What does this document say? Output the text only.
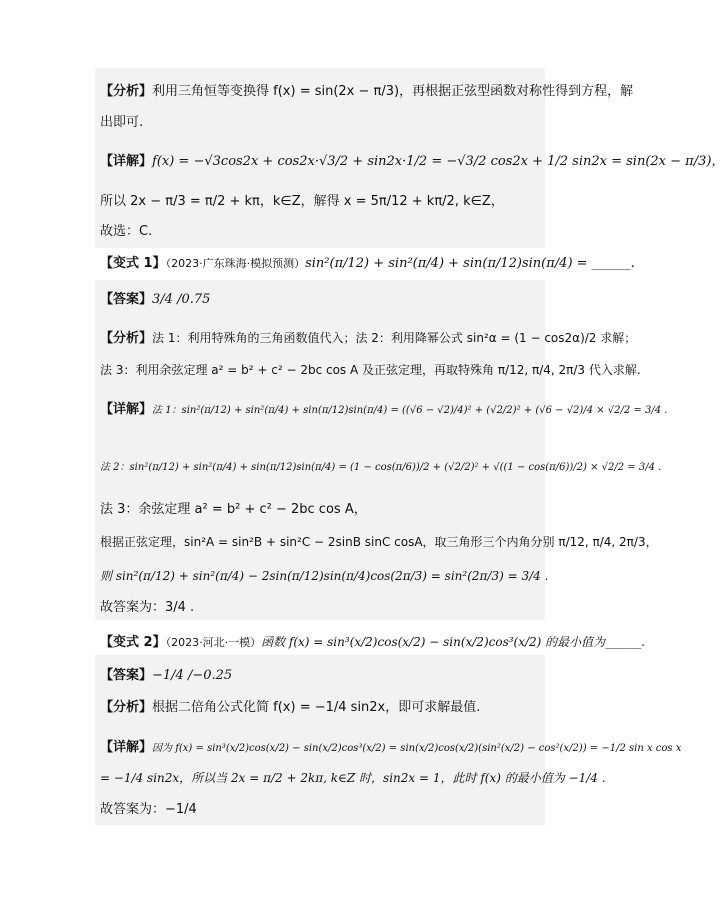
【分析】利用三角恒等变换得 f(x) = sin(2x − π/3)，再根据正弦型函数对称性得到方程，解
出即可.
【详解】f(x) = −√3cos2x + cos2x·√3/2 + sin2x·1/2 = −√3/2 cos2x + 1/2 sin2x = sin(2x − π/3)，
所以 2x − π/3 = π/2 + kπ，k∈Z，解得 x = 5π/12 + kπ/2, k∈Z，
故选：C.
【变式 1】（2023·广东珠海·模拟预测）sin²(π/12) + sin²(π/4) + sin(π/12)sin(π/4) = ______.
【答案】3/4 /0.75
【分析】法 1：利用特殊角的三角函数值代入；法 2：利用降幂公式 sin²α = (1 − cos2α)/2 求解；
法 3：利用余弦定理 a² = b² + c² − 2bc cos A 及正弦定理，再取特殊角 π/12, π/4, 2π/3 代入求解.
【详解】法 1：sin²(π/12) + sin²(π/4) + sin(π/12)sin(π/4) = ((√6 − √2)/4)² + (√2/2)² + (√6 − √2)/4 × √2/2 = 3/4 .
法 2：sin²(π/12) + sin²(π/4) + sin(π/12)sin(π/4) = (1 − cos(π/6))/2 + (√2/2)² + √((1 − cos(π/6))/2) × √2/2 = 3/4 .
法 3：余弦定理 a² = b² + c² − 2bc cos A，
根据正弦定理，sin²A = sin²B + sin²C − 2sinB sinC cosA，取三角形三个内角分别 π/12, π/4, 2π/3，
则 sin²(π/12) + sin²(π/4) − 2sin(π/12)sin(π/4)cos(2π/3) = sin²(2π/3) = 3/4 .
故答案为：3/4 .
【变式 2】（2023·河北·一模）函数 f(x) = sin³(x/2)cos(x/2) − sin(x/2)cos³(x/2) 的最小值为______.
【答案】−1/4 /−0.25
【分析】根据二倍角公式化简 f(x) = −1/4 sin2x，即可求解最值.
【详解】因为 f(x) = sin³(x/2)cos(x/2) − sin(x/2)cos³(x/2) = sin(x/2)cos(x/2)(sin²(x/2) − cos²(x/2)) = −1/2 sin x cos x
= −1/4 sin2x，所以当 2x = π/2 + 2kπ, k∈Z 时，sin2x = 1，此时 f(x) 的最小值为 −1/4 .
故答案为：−1/4
